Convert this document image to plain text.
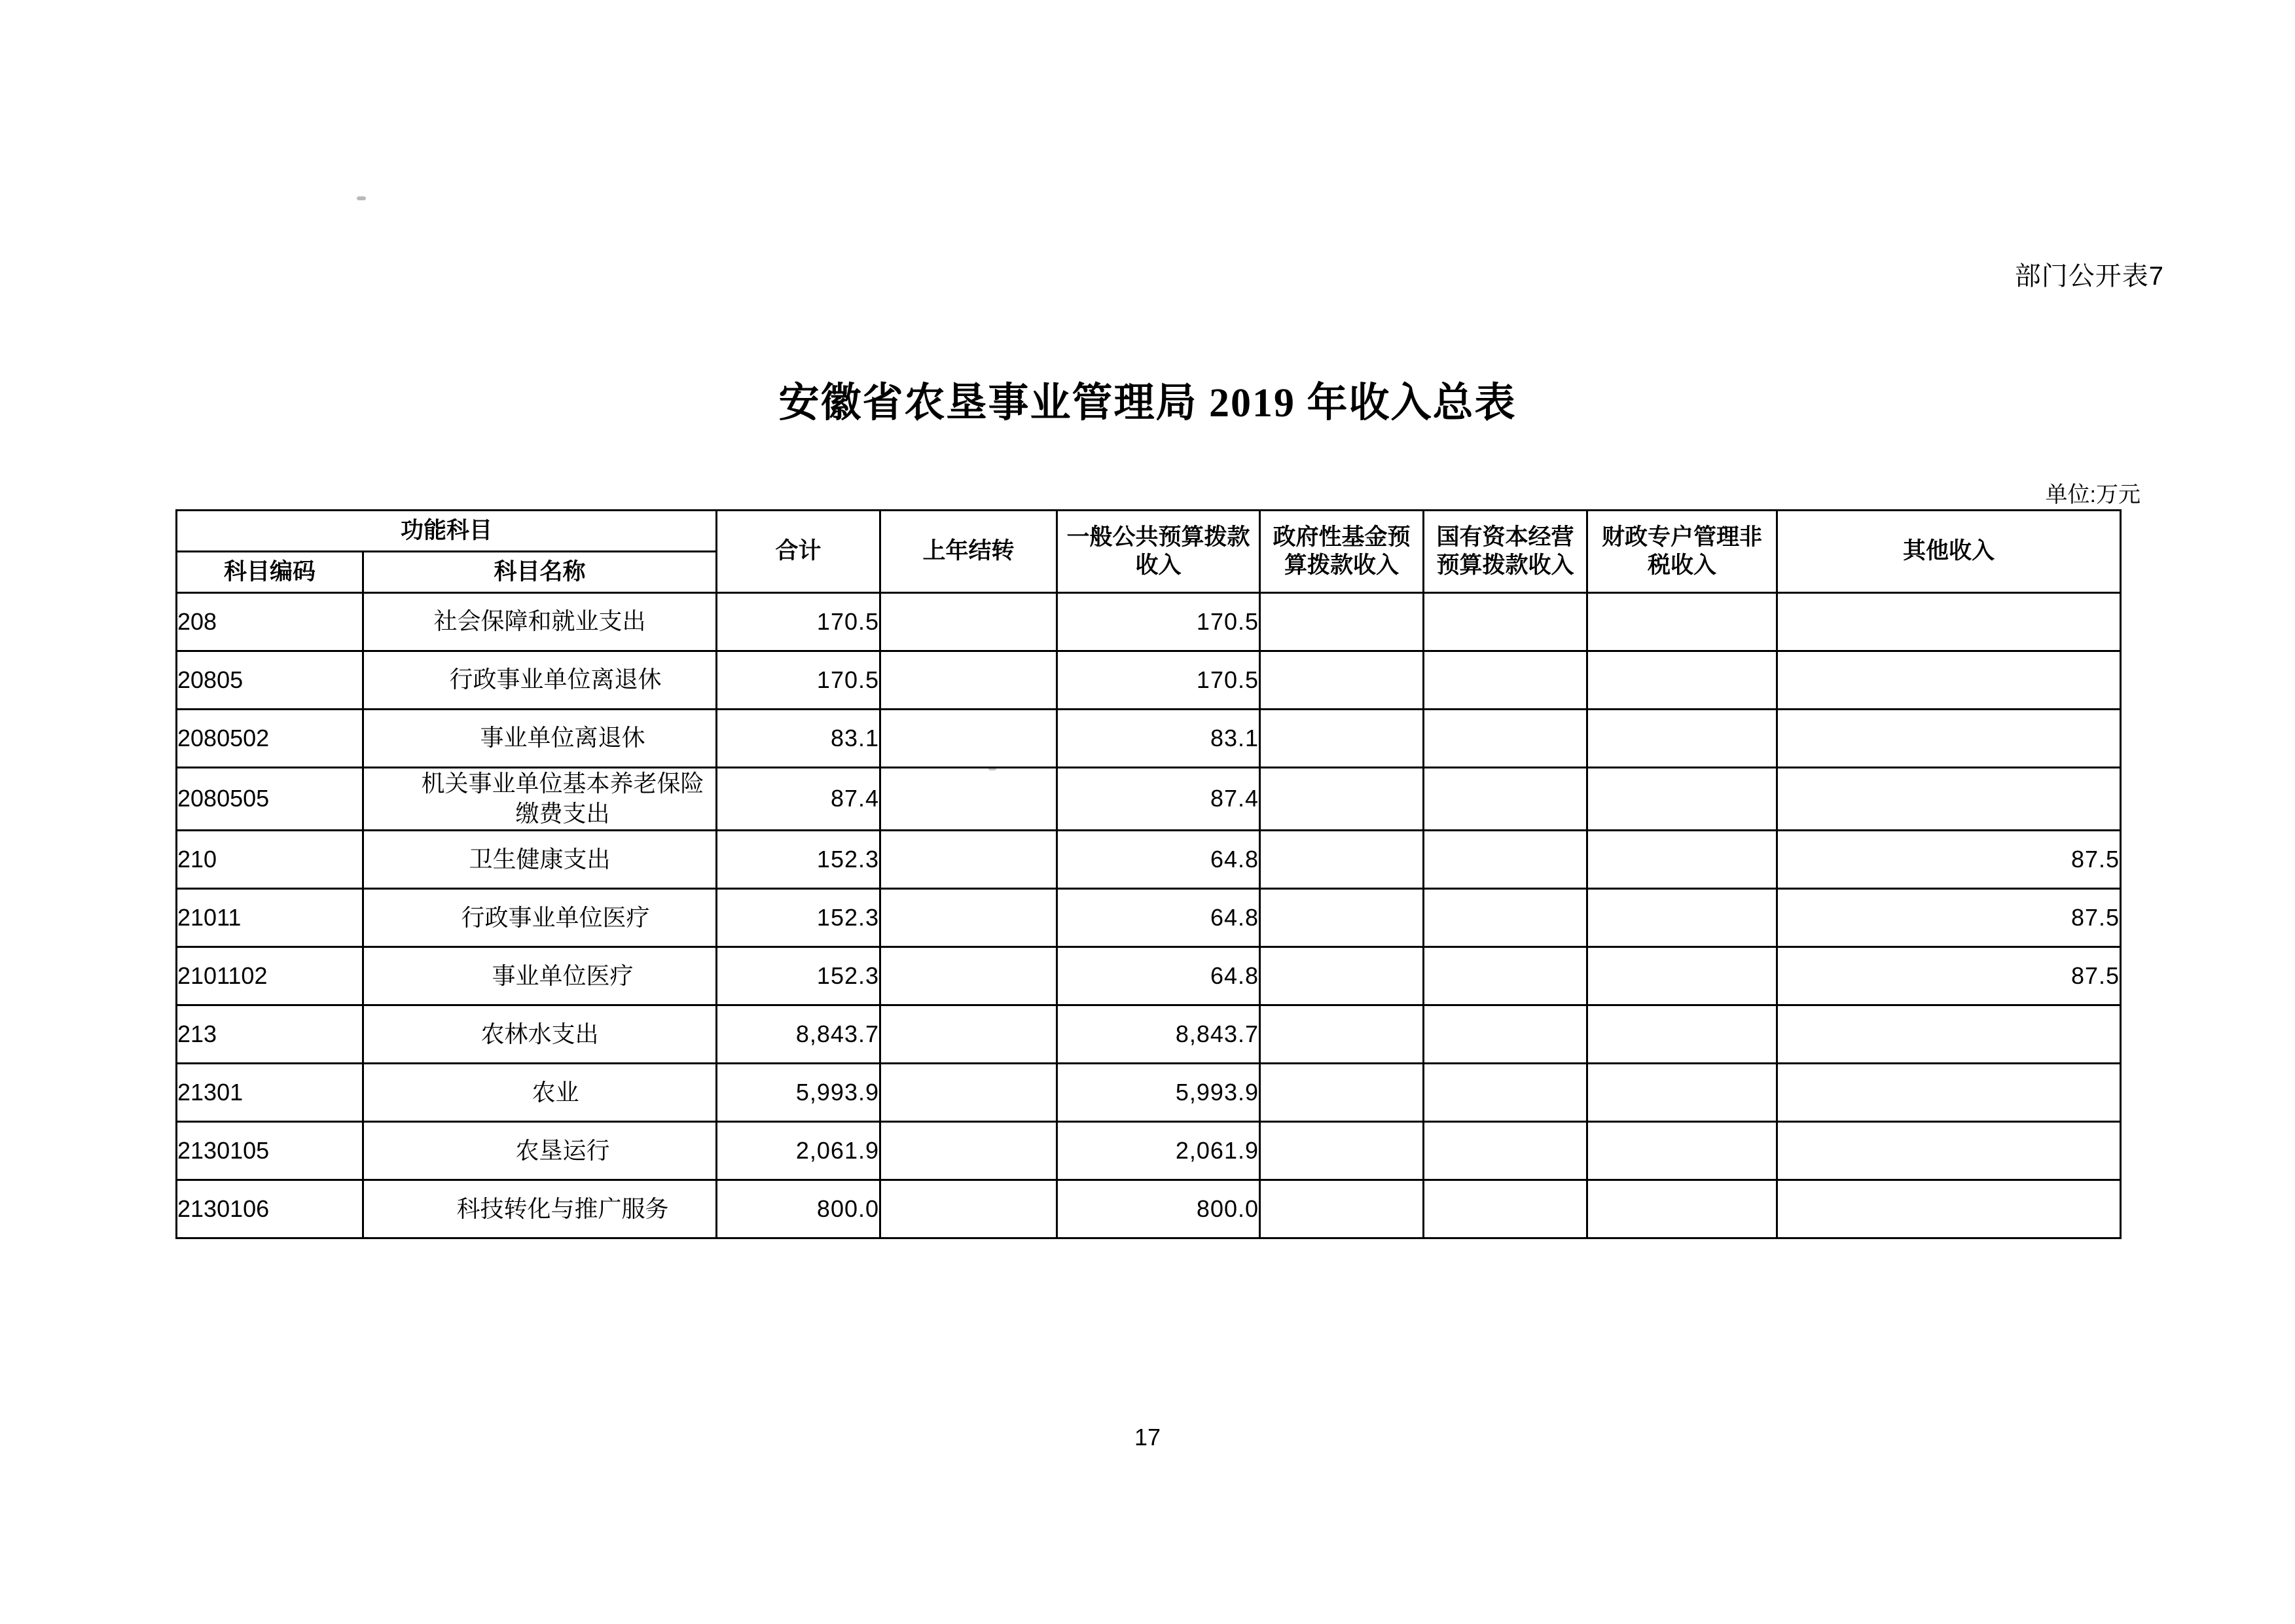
部门公开表7
安徽省农垦事业管理局 2019 年收入总表
单位:万元
功能科目		合计	上年结转	一般公共预算拨款收入	政府性基金预算拨款收入	国有资本经营预算拨款收入	财政专户管理非税收入	其他收入
科目编码	科目名称							
208	社会保障和就业支出	170.5		170.5				
20805	行政事业单位离退休	170.5		170.5				
2080502	事业单位离退休	83.1		83.1				
2080505	机关事业单位基本养老保险缴费支出	87.4		87.4				
210	卫生健康支出	152.3		64.8				87.5
21011	行政事业单位医疗	152.3		64.8				87.5
2101102	事业单位医疗	152.3		64.8				87.5
213	农林水支出	8,843.7		8,843.7				
21301	农业	5,993.9		5,993.9				
2130105	农垦运行	2,061.9		2,061.9				
2130106	科技转化与推广服务	800.0		800.0				
17
